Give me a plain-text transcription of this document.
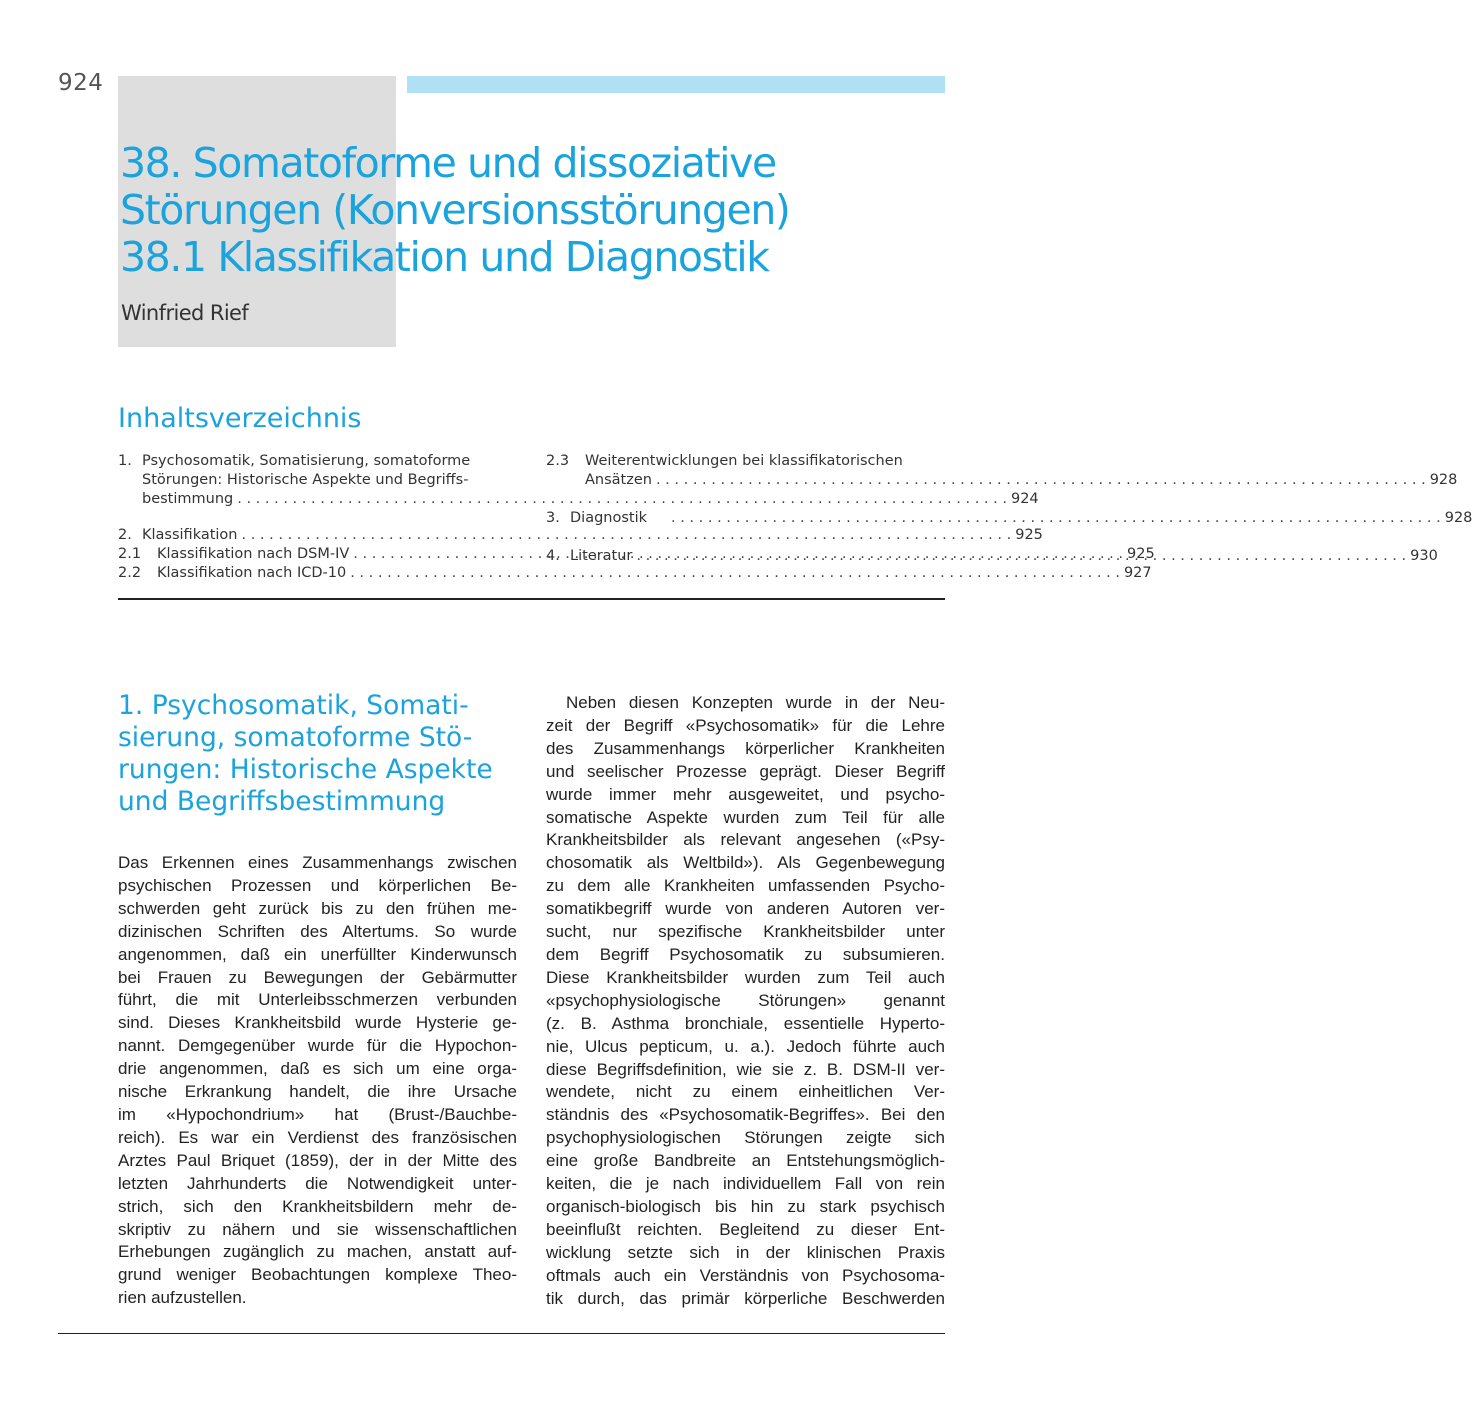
924
38. Somatoforme und dissoziative
Störungen (Konversionsstörungen)
38.1 Klassifikation und Diagnostik
Winfried Rief
Inhaltsverzeichnis
1. Psychosomatik, Somatisierung, somatoforme
Störungen: Historische Aspekte und Begriffs-
bestimmung . . .	924
2. Klassifikation . . .	925
2.1	Klassifikation nach DSM-IV . . .	925
2.2	Klassifikation nach ICD-10 . . .	927
2.3	Weiterentwicklungen bei klassifikatorischen
Ansätzen . . .	928
3. Diagnostik . . .	928
4. Literatur . . .	930
1. Psychosomatik, Somati-
sierung, somatoforme Stö-
rungen: Historische Aspekte
und Begriffsbestimmung
Das Erkennen eines Zusammenhangs zwischen
psychischen Prozessen und körperlichen Be-
schwerden geht zurück bis zu den frühen me-
dizinischen Schriften des Altertums. So wurde
angenommen, daß ein unerfüllter Kinderwunsch
bei Frauen zu Bewegungen der Gebärmutter
führt, die mit Unterleibsschmerzen verbunden
sind. Dieses Krankheitsbild wurde Hysterie ge-
nannt. Demgegenüber wurde für die Hypochon-
drie angenommen, daß es sich um eine orga-
nische Erkrankung handelt, die ihre Ursache
im «Hypochondrium» hat (Brust-/Bauchbe-
reich). Es war ein Verdienst des französischen
Arztes Paul Briquet (1859), der in der Mitte des
letzten Jahrhunderts die Notwendigkeit unter-
strich, sich den Krankheitsbildern mehr de-
skriptiv zu nähern und sie wissenschaftlichen
Erhebungen zugänglich zu machen, anstatt auf-
grund weniger Beobachtungen komplexe Theo-
rien aufzustellen.
Neben diesen Konzepten wurde in der Neu-
zeit der Begriff «Psychosomatik» für die Lehre
des Zusammenhangs körperlicher Krankheiten
und seelischer Prozesse geprägt. Dieser Begriff
wurde immer mehr ausgeweitet, und psycho-
somatische Aspekte wurden zum Teil für alle
Krankheitsbilder als relevant angesehen («Psy-
chosomatik als Weltbild»). Als Gegenbewegung
zu dem alle Krankheiten umfassenden Psycho-
somatikbegriff wurde von anderen Autoren ver-
sucht, nur spezifische Krankheitsbilder unter
dem Begriff Psychosomatik zu subsumieren.
Diese Krankheitsbilder wurden zum Teil auch
«psychophysiologische Störungen» genannt
(z. B. Asthma bronchiale, essentielle Hyperto-
nie, Ulcus pepticum, u. a.). Jedoch führte auch
diese Begriffsdefinition, wie sie z. B. DSM-II ver-
wendete, nicht zu einem einheitlichen Ver-
ständnis des «Psychosomatik-Begriffes». Bei den
psychophysiologischen Störungen zeigte sich
eine große Bandbreite an Entstehungsmöglich-
keiten, die je nach individuellem Fall von rein
organisch-biologisch bis hin zu stark psychisch
beeinflußt reichten. Begleitend zu dieser Ent-
wicklung setzte sich in der klinischen Praxis
oftmals auch ein Verständnis von Psychosoma-
tik durch, das primär körperliche Beschwerden
